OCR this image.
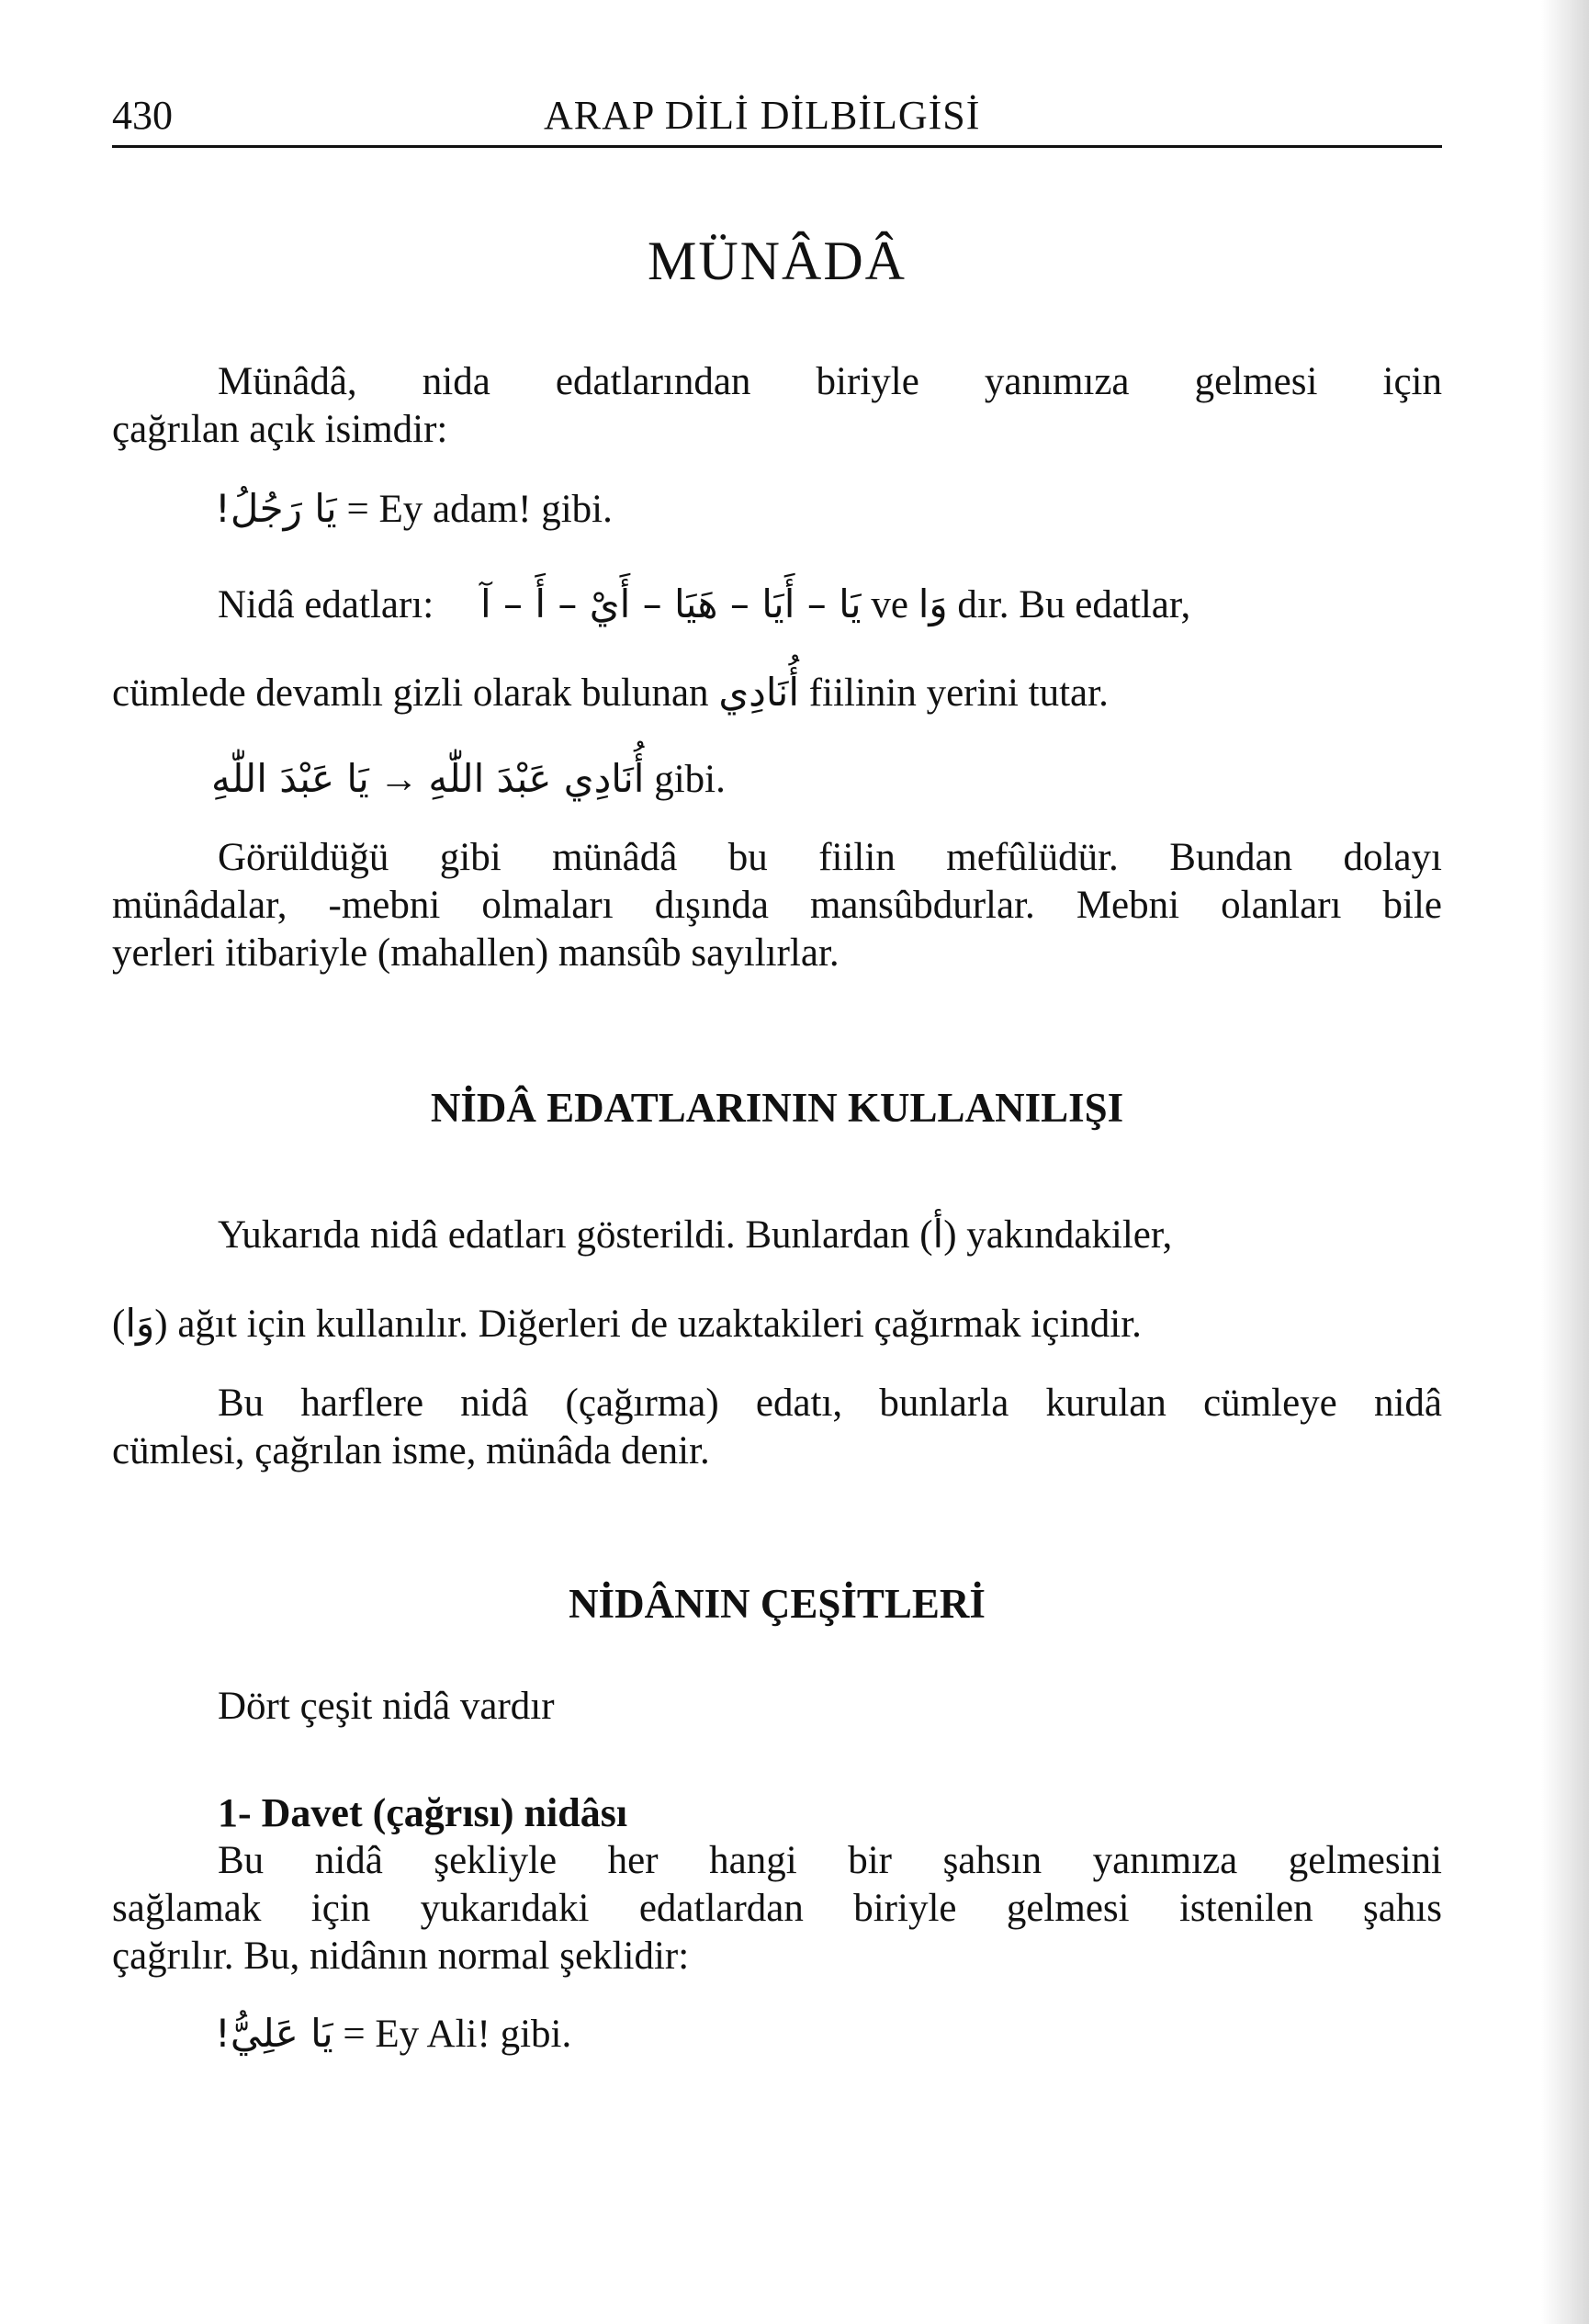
430	ARAP DİLİ DİLBİLGİSİ
MÜNÂDÂ
Münâdâ, nida edatlarından biriyle yanımıza gelmesi için
çağrılan açık isimdir:
يَا رَجُلُ! = Ey adam! gibi.
Nidâ edatları: يَا – أَيَا – هَيَا – أَيْ – أَ – آ ve وَا dır. Bu edatlar,
cümlede devamlı gizli olarak bulunan أُنَادِي fiilinin yerini tutar.
يَا عَبْدَ اللّٰهِ → أُنَادِي عَبْدَ اللّٰهِ gibi.
Görüldüğü gibi münâdâ bu fiilin mefûlüdür. Bundan dolayı
münâdalar, -mebni olmaları dışında mansûbdurlar. Mebni olanları bile
yerleri itibariyle (mahallen) mansûb sayılırlar.
NİDÂ EDATLARININ KULLANILIŞI
Yukarıda nidâ edatları gösterildi. Bunlardan (أ) yakındakiler,
(وَا) ağıt için kullanılır. Diğerleri de uzaktakileri çağırmak içindir.
Bu harflere nidâ (çağırma) edatı, bunlarla kurulan cümleye nidâ
cümlesi, çağrılan isme, münâda denir.
NİDÂNIN ÇEŞİTLERİ
Dört çeşit nidâ vardır
1- Davet (çağrısı) nidâsı
Bu nidâ şekliyle her hangi bir şahsın yanımıza gelmesini
sağlamak için yukarıdaki edatlardan biriyle gelmesi istenilen şahıs
çağrılır. Bu, nidânın normal şeklidir:
يَا عَلِيُّ! = Ey Ali! gibi.
